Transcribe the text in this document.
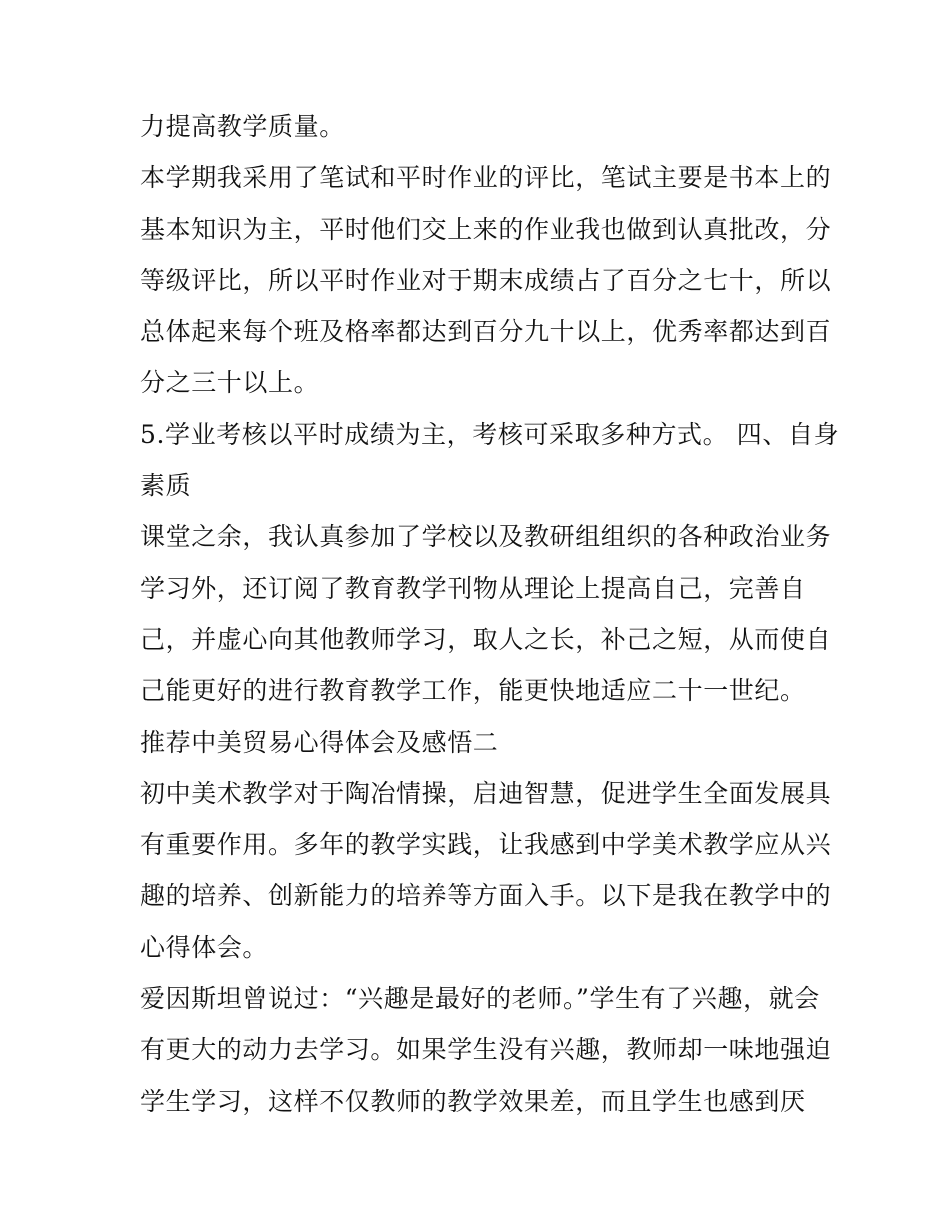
力提高教学质量。
本学期我采用了笔试和平时作业的评比，笔试主要是书本上的
基本知识为主，平时他们交上来的作业我也做到认真批改，分
等级评比，所以平时作业对于期末成绩占了百分之七十，所以
总体起来每个班及格率都达到百分九十以上，优秀率都达到百
分之三十以上。
5.学业考核以平时成绩为主，考核可采取多种方式。 四、自身
素质
课堂之余，我认真参加了学校以及教研组组织的各种政治业务
学习外，还订阅了教育教学刊物从理论上提高自己，完善自
己，并虚心向其他教师学习，取人之长，补己之短，从而使自
己能更好的进行教育教学工作，能更快地适应二十一世纪。
推荐中美贸易心得体会及感悟二
初中美术教学对于陶冶情操，启迪智慧，促进学生全面发展具
有重要作用。多年的教学实践，让我感到中学美术教学应从兴
趣的培养、创新能力的培养等方面入手。以下是我在教学中的
心得体会。
爱因斯坦曾说过：“兴趣是最好的老师。”学生有了兴趣，就会
有更大的动力去学习。如果学生没有兴趣，教师却一味地强迫
学生学习，这样不仅教师的教学效果差，而且学生也感到厌
